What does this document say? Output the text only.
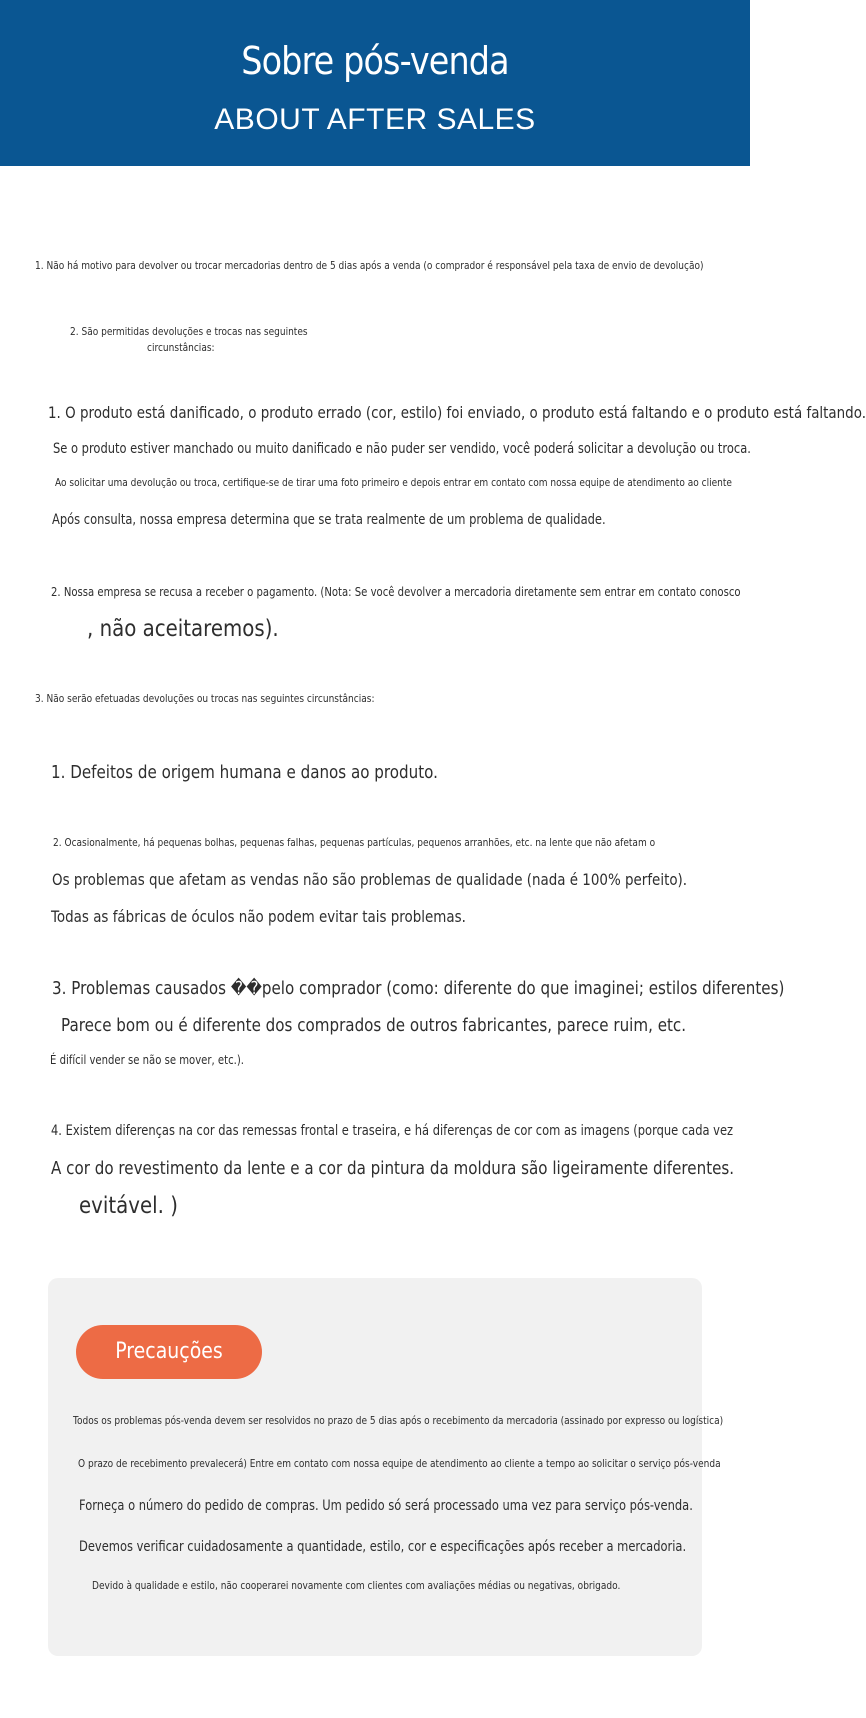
Sobre pós-venda
ABOUT AFTER SALES
1. Não há motivo para devolver ou trocar mercadorias dentro de 5 dias após a venda (o comprador é responsável pela taxa de envio de devolução)
2. São permitidas devoluções e trocas nas seguintes
circunstâncias:
1. O produto está danificado, o produto errado (cor, estilo) foi enviado, o produto está faltando e o produto está faltando.
Se o produto estiver manchado ou muito danificado e não puder ser vendido, você poderá solicitar a devolução ou troca.
Ao solicitar uma devolução ou troca, certifique-se de tirar uma foto primeiro e depois entrar em contato com nossa equipe de atendimento ao cliente
Após consulta, nossa empresa determina que se trata realmente de um problema de qualidade.
2. Nossa empresa se recusa a receber o pagamento. (Nota: Se você devolver a mercadoria diretamente sem entrar em contato conosco
, não aceitaremos).
3. Não serão efetuadas devoluções ou trocas nas seguintes circunstâncias:
1. Defeitos de origem humana e danos ao produto.
2. Ocasionalmente, há pequenas bolhas, pequenas falhas, pequenas partículas, pequenos arranhões, etc. na lente que não afetam o
Os problemas que afetam as vendas não são problemas de qualidade (nada é 100% perfeito).
Todas as fábricas de óculos não podem evitar tais problemas.
3. Problemas causados ��pelo comprador (como: diferente do que imaginei; estilos diferentes)
Parece bom ou é diferente dos comprados de outros fabricantes, parece ruim, etc.
É difícil vender se não se mover, etc.).
4. Existem diferenças na cor das remessas frontal e traseira, e há diferenças de cor com as imagens (porque cada vez
A cor do revestimento da lente e a cor da pintura da moldura são ligeiramente diferentes.
evitável. )
Precauções
Todos os problemas pós-venda devem ser resolvidos no prazo de 5 dias após o recebimento da mercadoria (assinado por expresso ou logística)
O prazo de recebimento prevalecerá) Entre em contato com nossa equipe de atendimento ao cliente a tempo ao solicitar o serviço pós-venda
Forneça o número do pedido de compras. Um pedido só será processado uma vez para serviço pós-venda.
Devemos verificar cuidadosamente a quantidade, estilo, cor e especificações após receber a mercadoria.
Devido à qualidade e estilo, não cooperarei novamente com clientes com avaliações médias ou negativas, obrigado.
